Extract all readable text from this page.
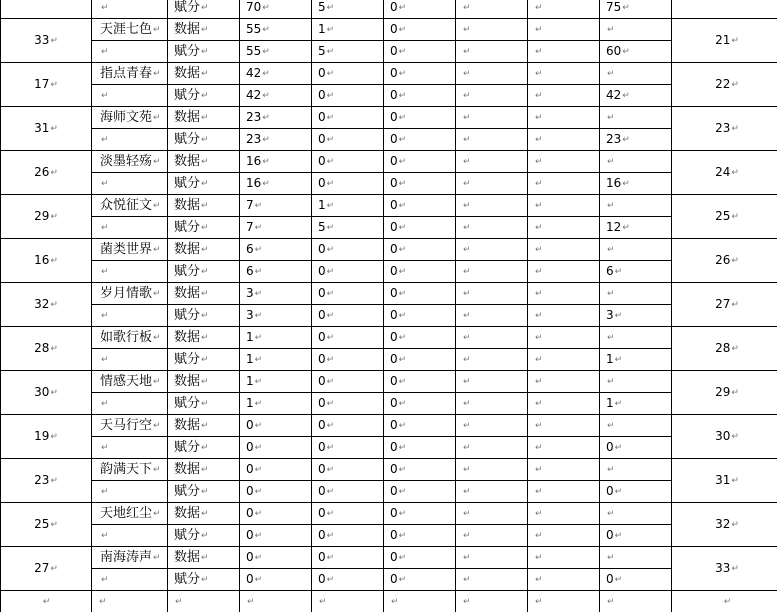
	↵	赋分 ↵	70 ↵	5 ↵	0 ↵	↵	↵	75 ↵	
33 ↵	天涯七色 ↵	数据 ↵	55 ↵	1 ↵	0 ↵	↵	↵	↵	21 ↵
↵	赋分 ↵	55 ↵	5 ↵	0 ↵	↵	↵	60 ↵
17 ↵	指点青春 ↵	数据 ↵	42 ↵	0 ↵	0 ↵	↵	↵	↵	22 ↵
↵	赋分 ↵	42 ↵	0 ↵	0 ↵	↵	↵	42 ↵
31 ↵	海师文苑 ↵	数据 ↵	23 ↵	0 ↵	0 ↵	↵	↵	↵	23 ↵
↵	赋分 ↵	23 ↵	0 ↵	0 ↵	↵	↵	23 ↵
26 ↵	淡墨轻殇 ↵	数据 ↵	16 ↵	0 ↵	0 ↵	↵	↵	↵	24 ↵
↵	赋分 ↵	16 ↵	0 ↵	0 ↵	↵	↵	16 ↵
29 ↵	众悦征文 ↵	数据 ↵	7 ↵	1 ↵	0 ↵	↵	↵	↵	25 ↵
↵	赋分 ↵	7 ↵	5 ↵	0 ↵	↵	↵	12 ↵
16 ↵	菌类世界 ↵	数据 ↵	6 ↵	0 ↵	0 ↵	↵	↵	↵	26 ↵
↵	赋分 ↵	6 ↵	0 ↵	0 ↵	↵	↵	6 ↵
32 ↵	岁月情歌 ↵	数据 ↵	3 ↵	0 ↵	0 ↵	↵	↵	↵	27 ↵
↵	赋分 ↵	3 ↵	0 ↵	0 ↵	↵	↵	3 ↵
28 ↵	如歌行板 ↵	数据 ↵	1 ↵	0 ↵	0 ↵	↵	↵	↵	28 ↵
↵	赋分 ↵	1 ↵	0 ↵	0 ↵	↵	↵	1 ↵
30 ↵	情感天地 ↵	数据 ↵	1 ↵	0 ↵	0 ↵	↵	↵	↵	29 ↵
↵	赋分 ↵	1 ↵	0 ↵	0 ↵	↵	↵	1 ↵
19 ↵	天马行空 ↵	数据 ↵	0 ↵	0 ↵	0 ↵	↵	↵	↵	30 ↵
↵	赋分 ↵	0 ↵	0 ↵	0 ↵	↵	↵	0 ↵
23 ↵	韵满天下 ↵	数据 ↵	0 ↵	0 ↵	0 ↵	↵	↵	↵	31 ↵
↵	赋分 ↵	0 ↵	0 ↵	0 ↵	↵	↵	0 ↵
25 ↵	天地红尘 ↵	数据 ↵	0 ↵	0 ↵	0 ↵	↵	↵	↵	32 ↵
↵	赋分 ↵	0 ↵	0 ↵	0 ↵	↵	↵	0 ↵
27 ↵	南海涛声 ↵	数据 ↵	0 ↵	0 ↵	0 ↵	↵	↵	↵	33 ↵
↵	赋分 ↵	0 ↵	0 ↵	0 ↵	↵	↵	0 ↵
↵	↵	↵	↵	↵	↵	↵	↵	↵	↵
